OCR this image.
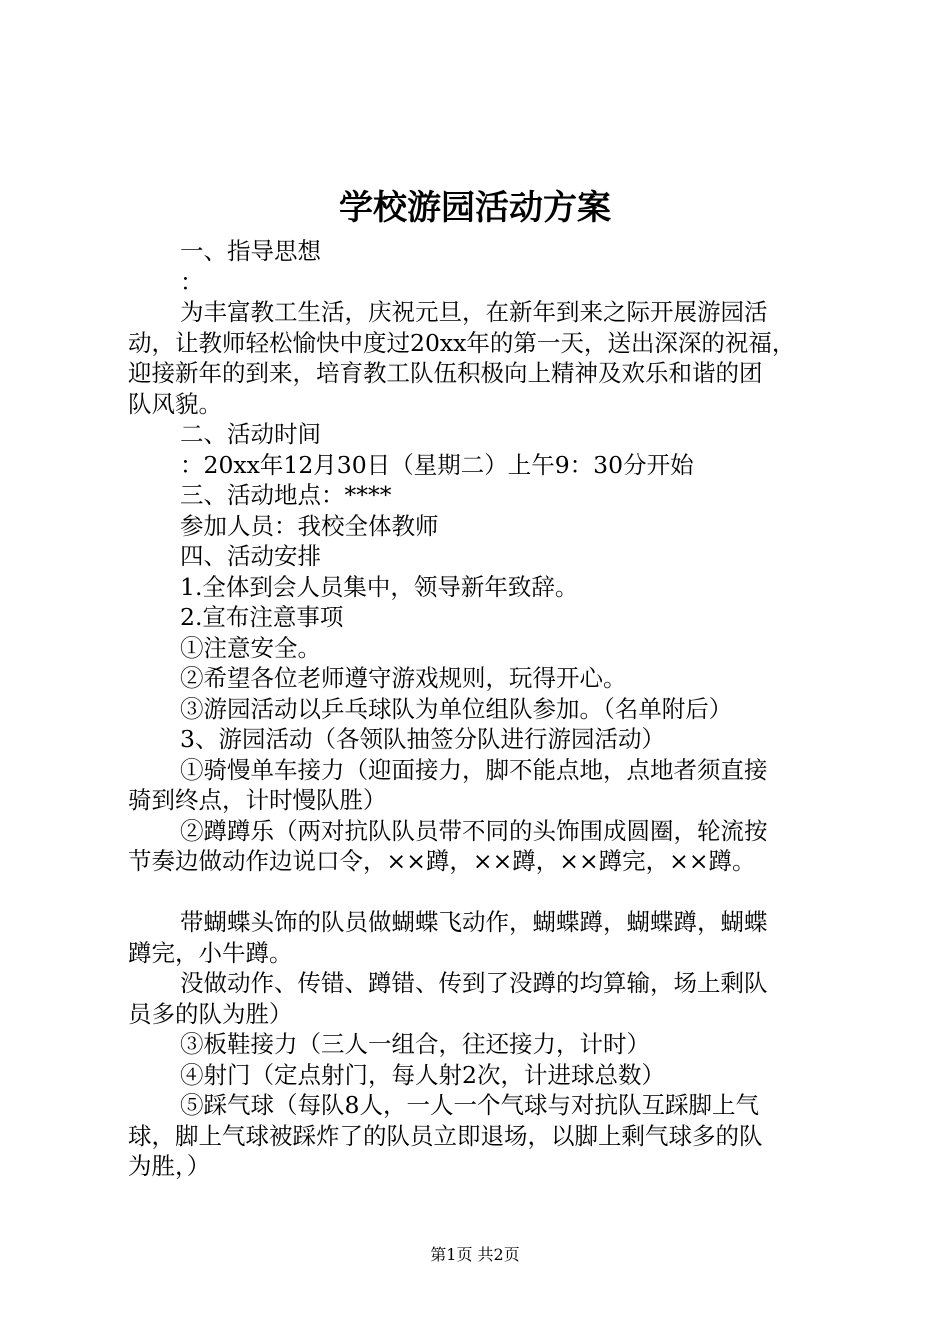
学校游园活动方案
一、指导思想
：
为丰富教工生活，庆祝元旦，在新年到来之际开展游园活
动，让教师轻松愉快中度过20xx年的第一天，送出深深的祝福，
迎接新年的到来，培育教工队伍积极向上精神及欢乐和谐的团
队风貌。
二、活动时间
：20xx年12月30日（星期二）上午9：30分开始
三、活动地点：****
参加人员：我校全体教师
四、活动安排
1.全体到会人员集中，领导新年致辞。
2.宣布注意事项
①注意安全。
②希望各位老师遵守游戏规则，玩得开心。
③游园活动以乒乓球队为单位组队参加。（名单附后）
3、游园活动（各领队抽签分队进行游园活动）
①骑慢单车接力（迎面接力，脚不能点地，点地者须直接
骑到终点，计时慢队胜）
②蹲蹲乐（两对抗队队员带不同的头饰围成圆圈，轮流按
节奏边做动作边说口令，××蹲，××蹲，××蹲完，××蹲。
带蝴蝶头饰的队员做蝴蝶飞动作，蝴蝶蹲，蝴蝶蹲，蝴蝶
蹲完，小牛蹲。
没做动作、传错、蹲错、传到了没蹲的均算输，场上剩队
员多的队为胜）
③板鞋接力（三人一组合，往还接力，计时）
④射门（定点射门，每人射2次，计进球总数）
⑤踩气球（每队8人，一人一个气球与对抗队互踩脚上气
球，脚上气球被踩炸了的队员立即退场，以脚上剩气球多的队
为胜，）
第1页 共2页
